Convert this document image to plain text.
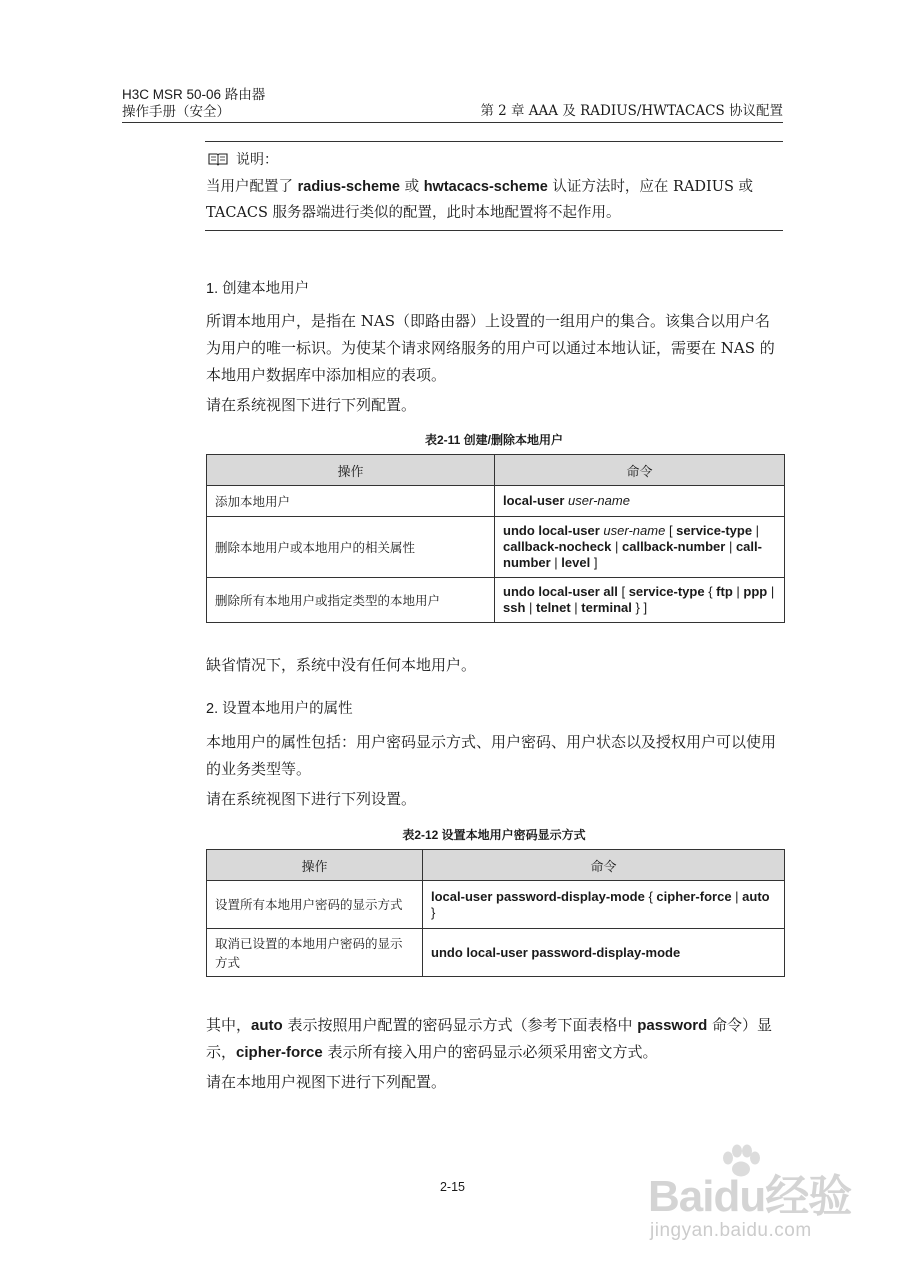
H3C MSR 50-06 路由器
操作手册（安全）	第 2 章 AAA 及 RADIUS/HWTACACS 协议配置
说明：
当用户配置了 radius-scheme 或 hwtacacs-scheme 认证方法时，应在 RADIUS 或 TACACS 服务器端进行类似的配置，此时本地配置将不起作用。
1. 创建本地用户
所谓本地用户，是指在 NAS（即路由器）上设置的一组用户的集合。该集合以用户名为用户的唯一标识。为使某个请求网络服务的用户可以通过本地认证，需要在 NAS 的本地用户数据库中添加相应的表项。
请在系统视图下进行下列配置。
表2-11 创建/删除本地用户
操作	命令
添加本地用户	local-user user-name
删除本地用户或本地用户的相关属性	undo local-user user-name [ service-type | callback-nocheck | callback-number | call-number | level ]
删除所有本地用户或指定类型的本地用户	undo local-user all [ service-type { ftp | ppp | ssh | telnet | terminal } ]
缺省情况下，系统中没有任何本地用户。
2. 设置本地用户的属性
本地用户的属性包括：用户密码显示方式、用户密码、用户状态以及授权用户可以使用的业务类型等。
请在系统视图下进行下列设置。
表2-12 设置本地用户密码显示方式
操作	命令
设置所有本地用户密码的显示方式	local-user password-display-mode { cipher-force | auto }
取消已设置的本地用户密码的显示方式	undo local-user password-display-mode
其中，auto 表示按照用户配置的密码显示方式（参考下面表格中 password 命令）显示，cipher-force 表示所有接入用户的密码显示必须采用密文方式。
请在本地用户视图下进行下列配置。
2-15	Baidu经验
jingyan.baidu.com
